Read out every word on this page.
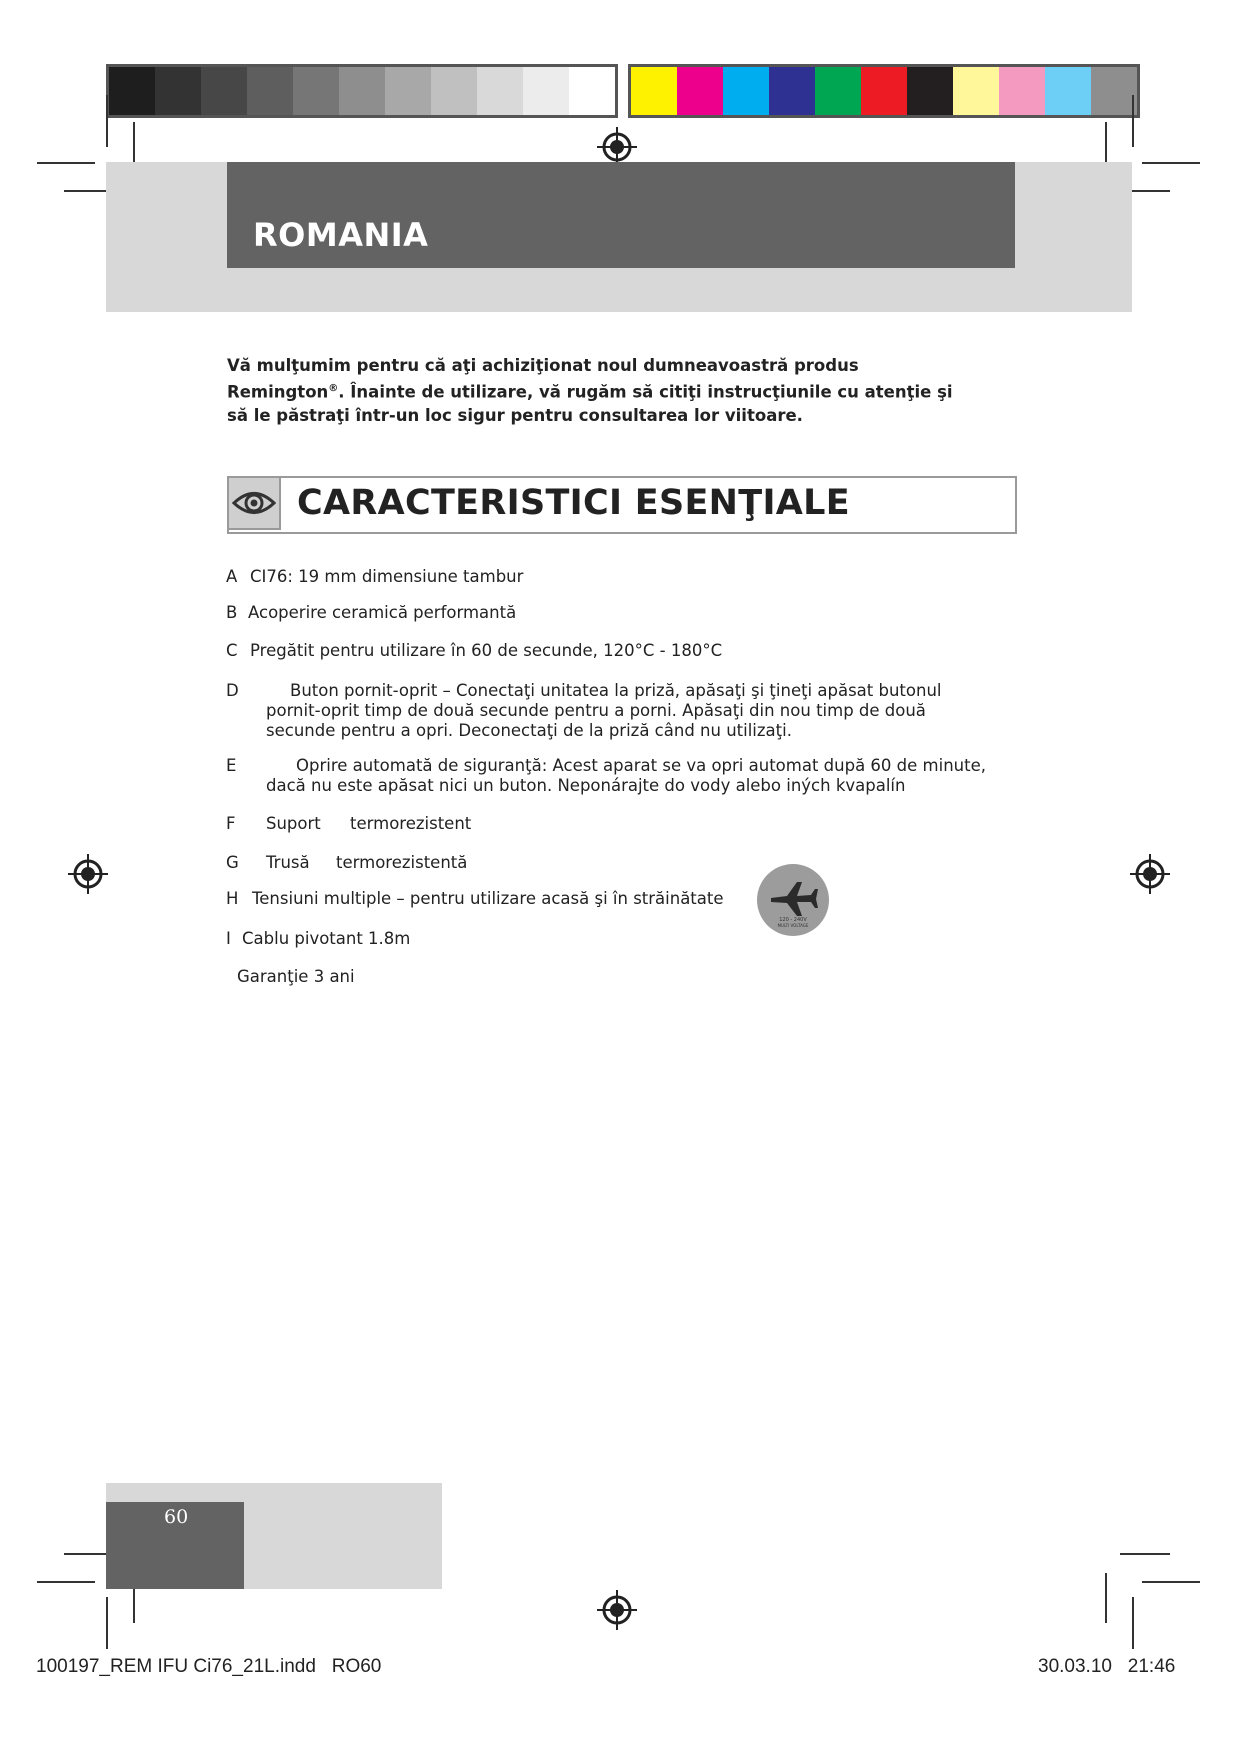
ROMANIA
Vă mulţumim pentru că aţi achiziţionat noul dumneavoastră produs
Remington®. Înainte de utilizare, vă rugăm să citiţi instrucţiunile cu atenţie şi
să le păstraţi într-un loc sigur pentru consultarea lor viitoare.
CARACTERISTICI ESENŢIALE
A CI76: 19 mm dimensiune tambur
B Acoperire ceramică performantă
C Pregătit pentru utilizare în 60 de secunde, 120°C - 180°C
D	Buton pornit-oprit – Conectaţi unitatea la priză, apăsaţi şi ţineţi apăsat butonul
pornit-oprit timp de două secunde pentru a porni. Apăsaţi din nou timp de două
secunde pentru a opri. Deconectaţi de la priză când nu utilizaţi.
E	Oprire automată de siguranţă: Acest aparat se va opri automat după 60 de minute,
dacă nu este apăsat nici un buton. Neponárajte do vody alebo iných kvapalín
F Suport termorezistent
G Trusă termorezistentă
H Tensiuni multiple – pentru utilizare acasă şi în străinătate
I Cablu pivotant 1.8m
Garanţie 3 ani
120 - 240V
MULTI VOLTAGE
60
100197_REM IFU Ci76_21L.indd   RO60	30.03.10   21:46
